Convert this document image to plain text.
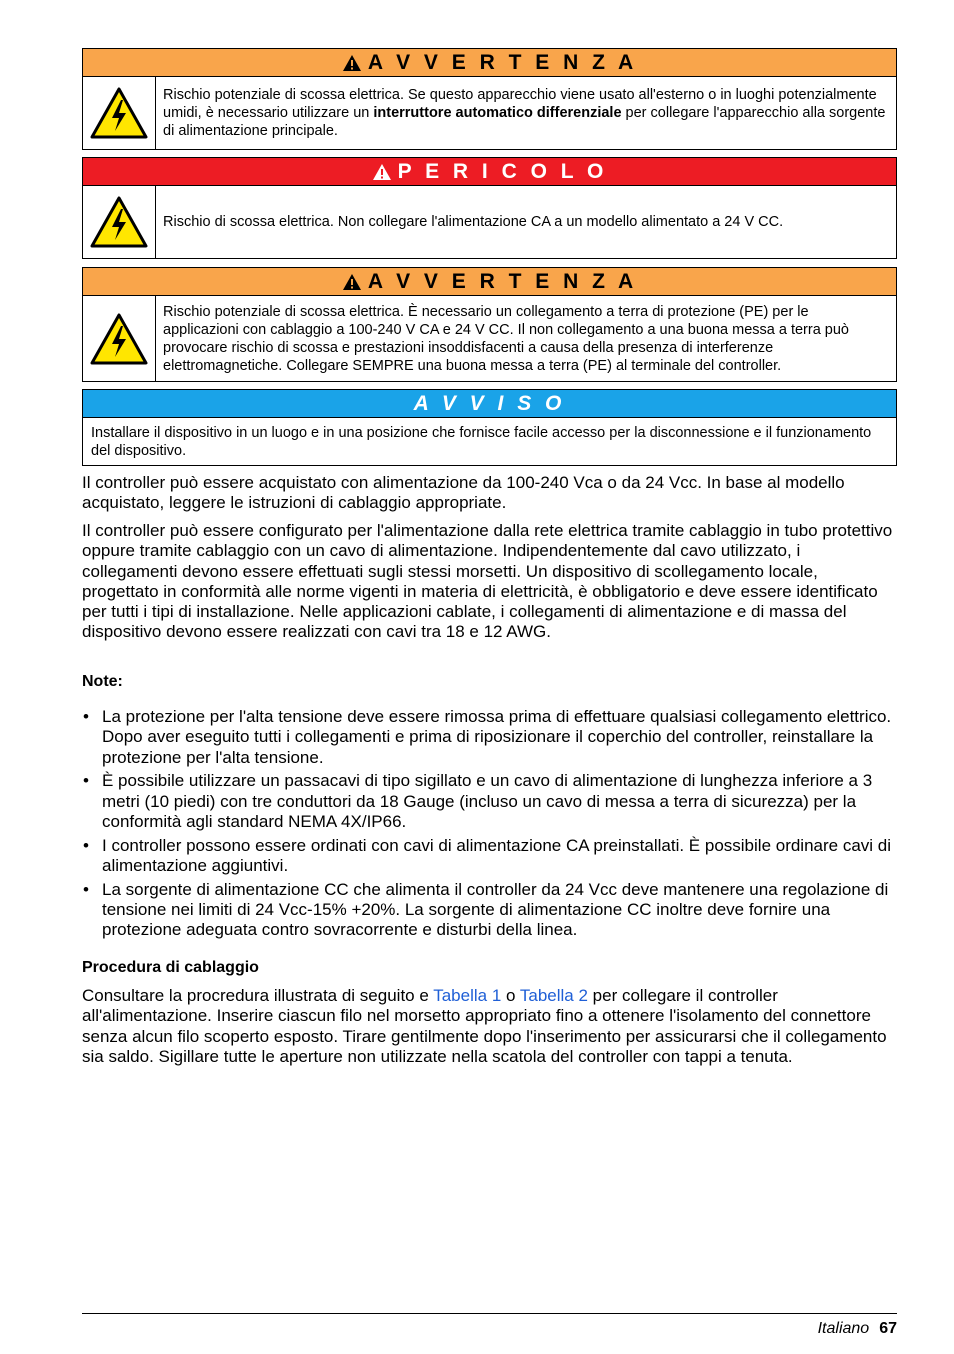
A V V E R T E N Z A
Rischio potenziale di scossa elettrica. Se questo apparecchio viene usato all'esterno o in luoghi potenzialmente umidi, è necessario utilizzare un interruttore automatico differenziale per collegare l'apparecchio alla sorgente di alimentazione principale.
P E R I C O L O
Rischio di scossa elettrica. Non collegare l'alimentazione CA a un modello alimentato a 24 V CC.
A V V E R T E N Z A
Rischio potenziale di scossa elettrica. È necessario un collegamento a terra di protezione (PE) per le applicazioni con cablaggio a 100-240 V CA e 24 V CC. Il non collegamento a una buona messa a terra può provocare rischio di scossa e prestazioni insoddisfacenti a causa della presenza di interferenze elettromagnetiche. Collegare SEMPRE una buona messa a terra (PE) al terminale del controller.
A V V I S O
Installare il dispositivo in un luogo e in una posizione che fornisce facile accesso per la disconnessione e il funzionamento del dispositivo.

Il controller può essere acquistato con alimentazione da 100-240 Vca o da 24 Vcc. In base al modello acquistato, leggere le istruzioni di cablaggio appropriate.

Il controller può essere configurato per l'alimentazione dalla rete elettrica tramite cablaggio in tubo protettivo oppure tramite cablaggio con un cavo di alimentazione. Indipendentemente dal cavo utilizzato, i collegamenti devono essere effettuati sugli stessi morsetti. Un dispositivo di scollegamento locale, progettato in conformità alle norme vigenti in materia di elettricità, è obbligatorio e deve essere identificato per tutti i tipi di installazione. Nelle applicazioni cablate, i collegamenti di alimentazione e di massa del dispositivo devono essere realizzati con cavi tra 18 e 12 AWG.

Note:
• La protezione per l'alta tensione deve essere rimossa prima di effettuare qualsiasi collegamento elettrico. Dopo aver eseguito tutti i collegamenti e prima di riposizionare il coperchio del controller, reinstallare la protezione per l'alta tensione.
• È possibile utilizzare un passacavi di tipo sigillato e un cavo di alimentazione di lunghezza inferiore a 3 metri (10 piedi) con tre conduttori da 18 Gauge (incluso un cavo di messa a terra di sicurezza) per la conformità agli standard NEMA 4X/IP66.
• I controller possono essere ordinati con cavi di alimentazione CA preinstallati. È possibile ordinare cavi di alimentazione aggiuntivi.
• La sorgente di alimentazione CC che alimenta il controller da 24 Vcc deve mantenere una regolazione di tensione nei limiti di 24 Vcc-15% +20%. La sorgente di alimentazione CC inoltre deve fornire una protezione adeguata contro sovracorrente e disturbi della linea.
Procedura di cablaggio

Consultare la procredura illustrata di seguito e Tabella 1 o Tabella 2 per collegare il controller all'alimentazione. Inserire ciascun filo nel morsetto appropriato fino a ottenere l'isolamento del connettore senza alcun filo scoperto esposto. Tirare gentilmente dopo l'inserimento per assicurarsi che il collegamento sia saldo. Sigillare tutte le aperture non utilizzate nella scatola del controller con tappi a tenuta.

Italiano 67
